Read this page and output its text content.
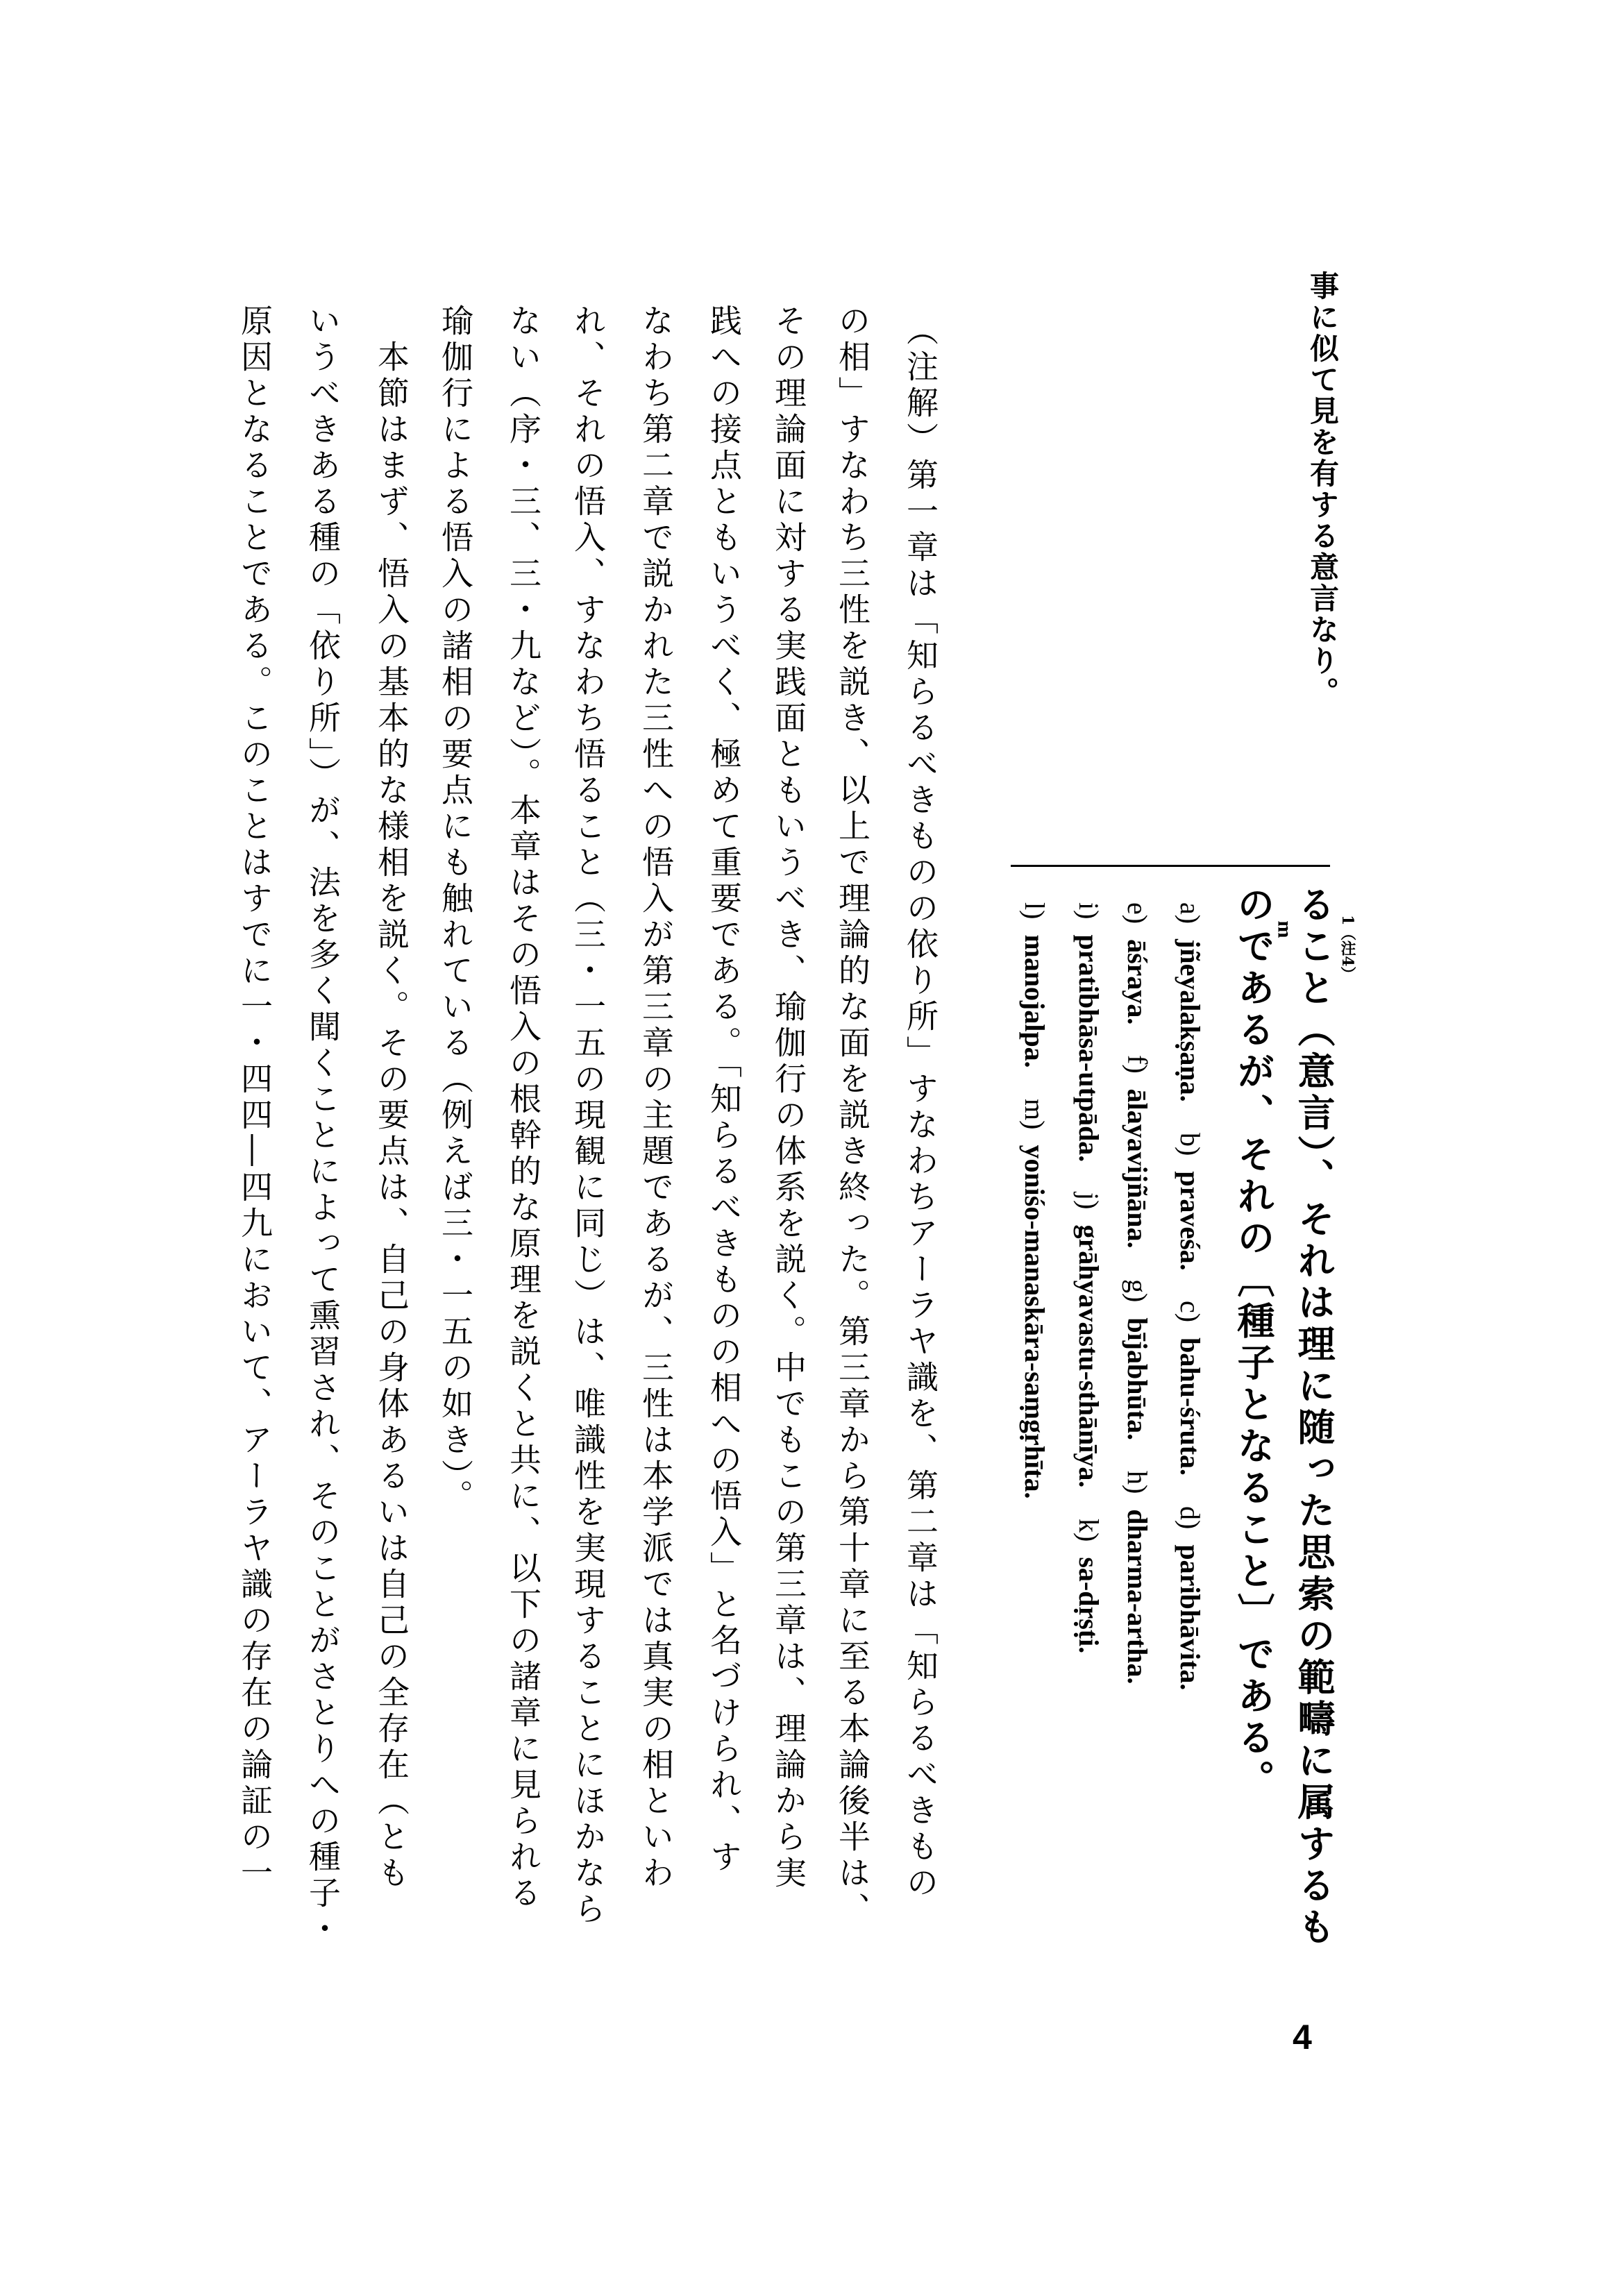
事に似て見を有する意言なり。
ること（意言）、それは理に随った思索の範疇に属するも 1（注4）
のであるが、それの〔種子となること〕である。
m
a) jñeyalakṣaṇa. b) praveśa. c) bahu-śruta. d) paribhāvita.
e) āśraya. f) ālayavijñāna. g) bījabhūta. h) dharma-artha.
i) pratibhāsa-utpāda. j) grāhyavastu-sthānīya. k) sa-dṛṣṭi.
l) manojalpa. m) yoniśo-manaskāra-saṃgṛhīta.
（注解）第一章は「知らるべきものの依り所」すなわちアーラヤ識を、第二章は「知らるべきもの
の相」すなわち三性を説き、以上で理論的な面を説き終った。第三章から第十章に至る本論後半は、
その理論面に対する実践面ともいうべき、瑜伽行の体系を説く。中でもこの第三章は、理論から実
践への接点ともいうべく、極めて重要である。「知らるべきものの相への悟入」と名づけられ、す
なわち第二章で説かれた三性への悟入が第三章の主題であるが、三性は本学派では真実の相といわ
れ、それの悟入、すなわち悟ること（三・一五の現観に同じ）は、唯識性を実現することにほかなら
ない（序・三、三・九など）。本章はその悟入の根幹的な原理を説くと共に、以下の諸章に見られる
瑜伽行による悟入の諸相の要点にも触れている（例えば三・一五の如き）。
本節はまず、悟入の基本的な様相を説く。その要点は、自己の身体あるいは自己の全存在（とも
いうべきある種の「依り所」）が、法を多く聞くことによって熏習され、そのことがさとりへの種子・
原因となることである。このことはすでに一・四四―四九において、アーラヤ識の存在の論証の一
4
